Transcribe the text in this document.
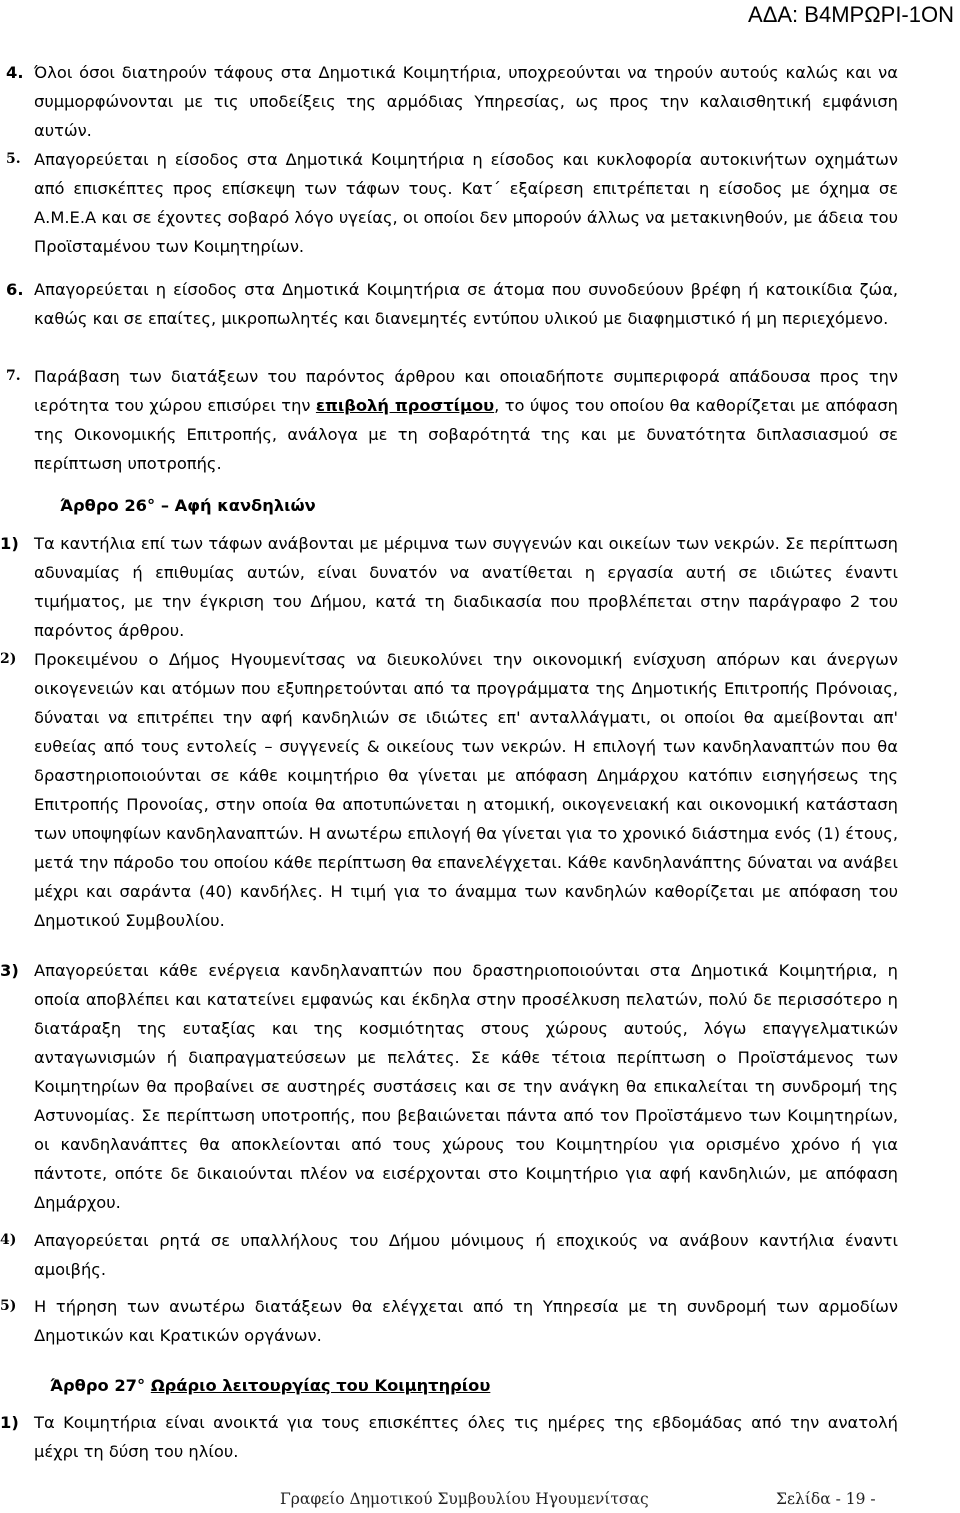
ΑΔΑ: Β4ΜΡΩΡΙ-1ΟΝ
4. Όλοι όσοι διατηρούν τάφους στα Δημοτικά Κοιμητήρια, υποχρεούνται να τηρούν αυτούς καλώς και να συμμορφώνονται με τις υποδείξεις της αρμόδιας Υπηρεσίας, ως προς την καλαισθητική εμφάνιση αυτών.
5. Απαγορεύεται η είσοδος στα Δημοτικά Κοιμητήρια η είσοδος και κυκλοφορία αυτοκινήτων οχημάτων από επισκέπτες προς επίσκεψη των τάφων τους. Κατ΄ εξαίρεση επιτρέπεται η είσοδος με όχημα σε Α.Μ.Ε.Α και σε έχοντες σοβαρό λόγο υγείας, οι οποίοι δεν μπορούν άλλως να μετακινηθούν, με άδεια του Προϊσταμένου των Κοιμητηρίων.
6. Απαγορεύεται η είσοδος στα Δημοτικά Κοιμητήρια σε άτομα που συνοδεύουν βρέφη ή κατοικίδια ζώα, καθώς και σε επαίτες, μικροπωλητές και διανεμητές εντύπου υλικού με διαφημιστικό ή μη περιεχόμενο.
7. Παράβαση των διατάξεων του παρόντος άρθρου και οποιαδήποτε συμπεριφορά απάδουσα προς την ιερότητα του χώρου επισύρει την επιβολή προστίμου, το ύψος του οποίου θα καθορίζεται με απόφαση της Οικονομικής Επιτροπής, ανάλογα με τη σοβαρότητά της και με δυνατότητα διπλασιασμού σε περίπτωση υποτροπής.
Άρθρο 26° – Αφή κανδηλιών
1) Τα καντήλια επί των τάφων ανάβονται με μέριμνα των συγγενών και οικείων των νεκρών. Σε περίπτωση αδυναμίας ή επιθυμίας αυτών, είναι δυνατόν να ανατίθεται η εργασία αυτή σε ιδιώτες έναντι τιμήματος, με την έγκριση του Δήμου, κατά τη διαδικασία που προβλέπεται στην παράγραφο 2 του παρόντος άρθρου.
2) Προκειμένου ο Δήμος Ηγουμενίτσας να διευκολύνει την οικονομική ενίσχυση απόρων και άνεργων οικογενειών και ατόμων που εξυπηρετούνται από τα προγράμματα της Δημοτικής Επιτροπής Πρόνοιας, δύναται να επιτρέπει την αφή κανδηλιών σε ιδιώτες επ' ανταλλάγματι, οι οποίοι θα αμείβονται απ' ευθείας από τους εντολείς – συγγενείς & οικείους των νεκρών. Η επιλογή των κανδηλαναπτών που θα δραστηριοποιούνται σε κάθε κοιμητήριο θα γίνεται με απόφαση Δημάρχου κατόπιν εισηγήσεως της Επιτροπής Προνοίας, στην οποία θα αποτυπώνεται η ατομική, οικογενειακή και οικονομική κατάσταση των υποψηφίων κανδηλαναπτών. Η ανωτέρω επιλογή θα γίνεται για το χρονικό διάστημα ενός (1) έτους, μετά την πάροδο του οποίου κάθε περίπτωση θα επανελέγχεται. Κάθε κανδηλανάπτης δύναται να ανάβει μέχρι και σαράντα (40) κανδήλες. Η τιμή για το άναμμα των κανδηλών καθορίζεται με απόφαση του Δημοτικού Συμβουλίου.
3) Απαγορεύεται κάθε ενέργεια κανδηλαναπτών που δραστηριοποιούνται στα Δημοτικά Κοιμητήρια, η οποία αποβλέπει και κατατείνει εμφανώς και έκδηλα στην προσέλκυση πελατών, πολύ δε περισσότερο η διατάραξη της ευταξίας και της κοσμιότητας στους χώρους αυτούς, λόγω επαγγελματικών ανταγωνισμών ή διαπραγματεύσεων με πελάτες. Σε κάθε τέτοια περίπτωση ο Προϊστάμενος των Κοιμητηρίων θα προβαίνει σε αυστηρές συστάσεις και σε την ανάγκη θα επικαλείται τη συνδρομή της Αστυνομίας. Σε περίπτωση υποτροπής, που βεβαιώνεται πάντα από τον Προϊστάμενο των Κοιμητηρίων, οι κανδηλανάπτες θα αποκλείονται από τους χώρους του Κοιμητηρίου για ορισμένο χρόνο ή για πάντοτε, οπότε δε δικαιούνται πλέον να εισέρχονται στο Κοιμητήριο για αφή κανδηλιών, με απόφαση Δημάρχου.
4) Απαγορεύεται ρητά σε υπαλλήλους του Δήμου μόνιμους ή εποχικούς να ανάβουν καντήλια έναντι αμοιβής.
5) Η τήρηση των ανωτέρω διατάξεων θα ελέγχεται από τη Υπηρεσία με τη συνδρομή των αρμοδίων Δημοτικών και Κρατικών οργάνων.
Άρθρο 27° Ωράριο λειτουργίας του Κοιμητηρίου
1) Τα Κοιμητήρια είναι ανοικτά για τους επισκέπτες όλες τις ημέρες της εβδομάδας από την ανατολή μέχρι τη δύση του ηλίου.
Γραφείο Δημοτικού Συμβουλίου Ηγουμενίτσας	Σελίδα - 19 -
